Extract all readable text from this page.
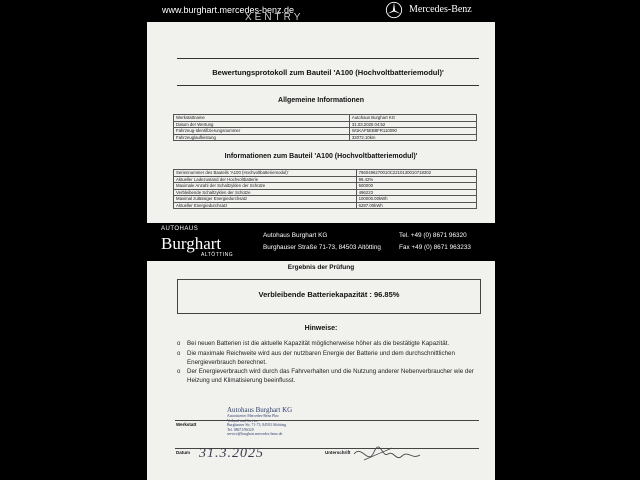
Bewertungsprotokoll zum Bauteil 'A100 (Hochvoltbatteriemodul)'
Allgemeine Informationen
Werkstattname	Autohaus Burghart KG
Datum der Wertung	31.03.2025 04:52
Fahrzeug-Identifizierungsnummer	W1KAF5EB8FR110090
Fahrzeuglaufleistung	32072.10km
Informationen zum Bauteil 'A100 (Hochvoltbatteriemodul)'
Seriennummer des Bauteils 'A100 (Hochvoltbatteriemodul)'	7860496270010C2210130010718302
Aktueller Ladezustand der Hochvoltbatterie	99.42%
Maximale Anzahl der Schaltzyklen der Schütze	500000
Verbleibende Schaltzyklen der Schütze	496223
Maximal zulässiger Energiedurchsatz	100000.00kWh
Aktueller Energiedurchsatz	6287.00kWh
Ergebnis der Prüfung
Verbleibende Batteriekapazität : 96.85%
Hinweise:
o Bei neuen Batterien ist die aktuelle Kapazität möglicherweise höher als die bestätigte Kapazität.
o Die maximale Reichweite wird aus der nutzbaren Energie der Batterie und dem durchschnittlichen Energieverbrauch berechnet.
o Der Energieverbrauch wird durch das Fahrverhalten und die Nutzung anderer Nebenverbraucher wie der Heizung und Klimatisierung beeinflusst.
Autohaus Burghart KG
Autorisierter Mercedes-Benz Pkw
Verkauf und Service
Burghauser Str. 71-73, 84503 Altötting
Tel. 08671/96320
service@burghart.mercedes-benz.de
Werkstatt
Datum	Unterschrift
31.3.2025
www.burghart.mercedes-benz.de
XENTRY
Mercedes-Benz
AUTOHAUS
Burghart
ALTÖTTING
Autohaus Burghart KG
Burghauser Straße 71-73, 84503 Altötting
Tel. +49 (0) 8671 96320
Fax +49 (0) 8671 963233
